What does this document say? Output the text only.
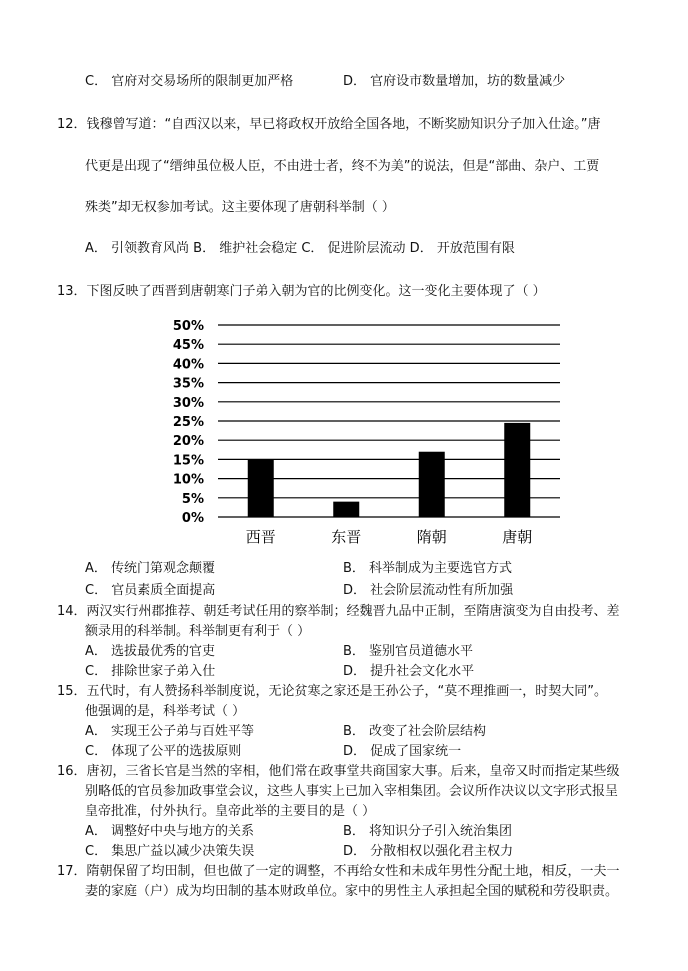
C． 官府对交易场所的限制更加严格	D． 官府设市数量增加，坊的数量减少
12．钱穆曾写道：“自西汉以来，早已将政权开放给全国各地，不断奖励知识分子加入仕途。”唐
代更是出现了“缙绅虽位极人臣，不由进士者，终不为美”的说法，但是“部曲、杂户、工贾
殊类”却无权参加考试。这主要体现了唐朝科举制（ ）
A． 引领教育风尚 B． 维护社会稳定 C． 促进阶层流动 D． 开放范围有限
13．下图反映了西晋到唐朝寒门子弟入朝为官的比例变化。这一变化主要体现了（ ）
0%
5%
10%
15%
20%
25%
30%
35%
40%
45%
50%
西晋	东晋	隋朝	唐朝
A． 传统门第观念颠覆	B． 科举制成为主要选官方式
C． 官员素质全面提高	D． 社会阶层流动性有所加强
14．两汉实行州郡推荐、朝廷考试任用的察举制；经魏晋九品中正制，至隋唐演变为自由投考、差
额录用的科举制。科举制更有利于（ ）
A． 选拔最优秀的官吏	B． 鉴别官员道德水平
C． 排除世家子弟入仕	D． 提升社会文化水平
15．五代时，有人赞扬科举制度说，无论贫寒之家还是王孙公子，“莫不理推画一，时契大同”。
他强调的是，科举考试（ ）
A． 实现王公子弟与百姓平等	B． 改变了社会阶层结构
C． 体现了公平的选拔原则	D． 促成了国家统一
16．唐初，三省长官是当然的宰相，他们常在政事堂共商国家大事。后来，皇帝又时而指定某些级
别略低的官员参加政事堂会议，这些人事实上已加入宰相集团。会议所作决议以文字形式报呈
皇帝批准，付外执行。皇帝此举的主要目的是（ ）
A． 调整好中央与地方的关系	B． 将知识分子引入统治集团
C． 集思广益以减少决策失误	D． 分散相权以强化君主权力
17．隋朝保留了均田制，但也做了一定的调整，不再给女性和未成年男性分配土地，相反，一夫一
妻的家庭（户）成为均田制的基本财政单位。家中的男性主人承担起全国的赋税和劳役职责。
